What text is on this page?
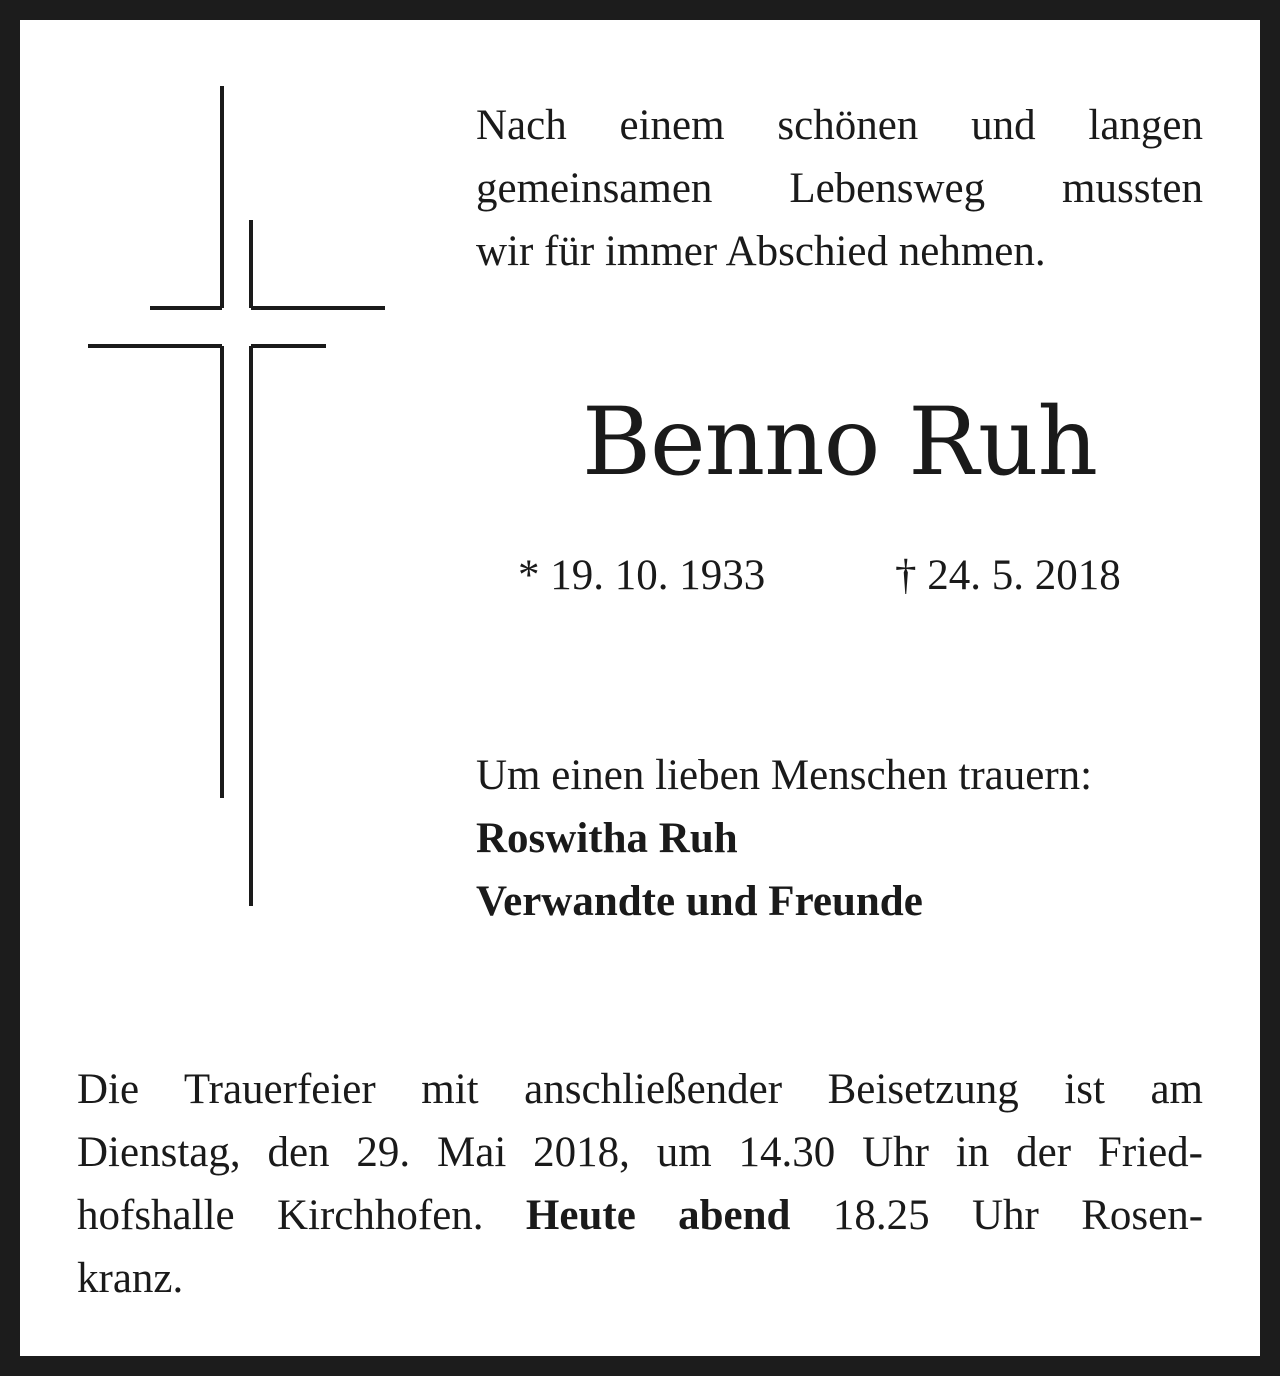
Nach einem schönen und langen
gemeinsamen Lebensweg mussten
wir für immer Abschied nehmen.
Benno Ruh
* 19. 10. 1933	† 24. 5. 2018
Um einen lieben Menschen trauern:
Roswitha Ruh
Verwandte und Freunde
Die Trauerfeier mit anschließender Beisetzung ist am
Dienstag, den 29. Mai 2018, um 14.30 Uhr in der Fried-
hofshalle Kirchhofen. Heute abend 18.25 Uhr Rosen-
kranz.
